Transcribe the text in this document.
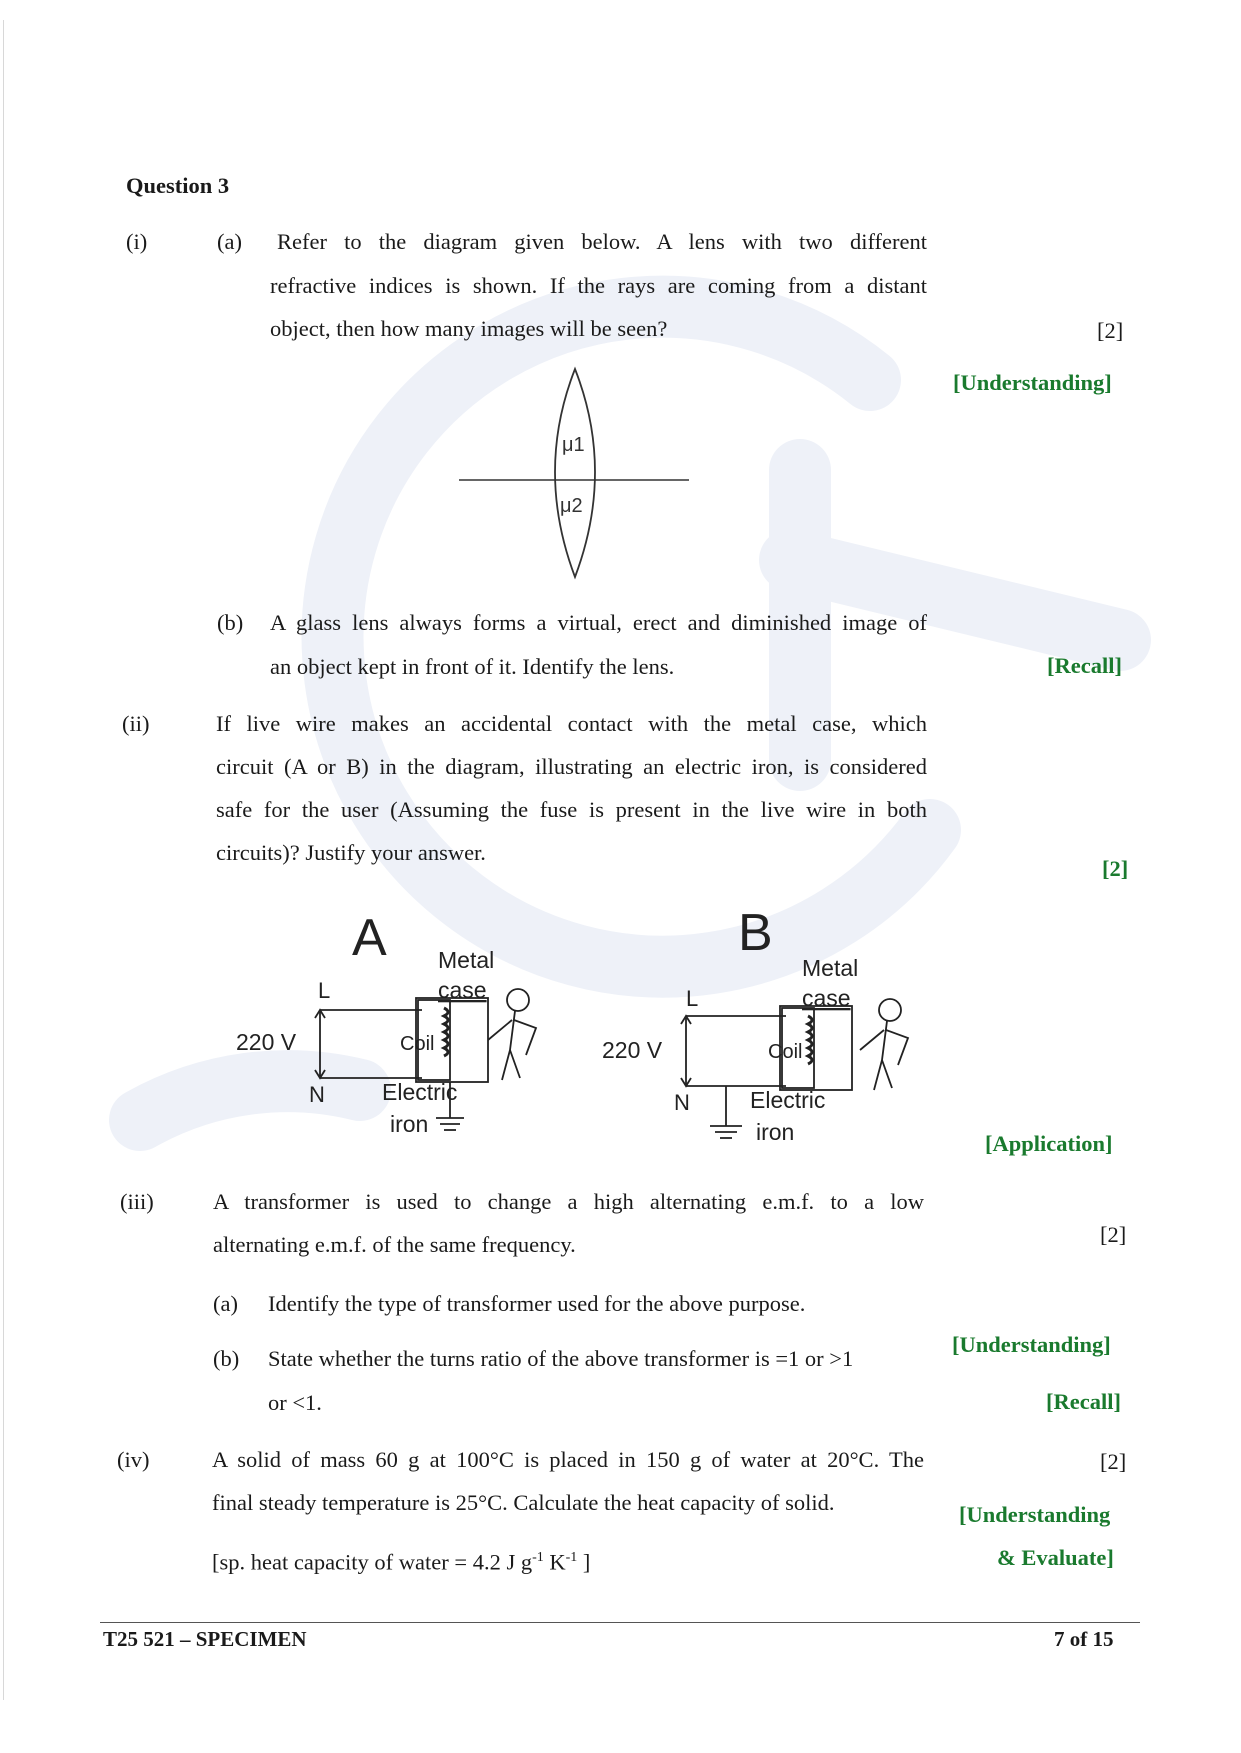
Question 3
(i)	(a) Refer to the diagram given below. A lens with two different
refractive indices is shown. If the rays are coming from a distant
object, then how many images will be seen?	[2]
[Understanding]
μ1
μ2
(b) A glass lens always forms a virtual, erect and diminished image of
an object kept in front of it. Identify the lens.	[Recall]
(ii)	If live wire makes an accidental contact with the metal case, which
circuit (A or B) in the diagram, illustrating an electric iron, is considered
safe for the user (Assuming the fuse is present in the live wire in both
circuits)? Justify your answer.
[2]
A Metal
case
L
220 V	Coil
N Electric
iron
B
Metal
case
L
220 V	Coil
N	Electric
iron	[Application]
(iii)	A transformer is used to change a high alternating e.m.f. to a low
alternating e.m.f. of the same frequency.	[2]
(a) Identify the type of transformer used for the above purpose.
[Understanding]
(b) State whether the turns ratio of the above transformer is =1 or >1
or <1.	[Recall]
(iv)	A solid of mass 60 g at 100°C is placed in 150 g of water at 20°C. The
final steady temperature is 25°C. Calculate the heat capacity of solid.
[2]
[Understanding
[sp. heat capacity of water = 4.2 J $g^{-1}$ $K^{-1}$ ]	& Evaluate]
T25 521 – SPECIMEN	7 of 15
